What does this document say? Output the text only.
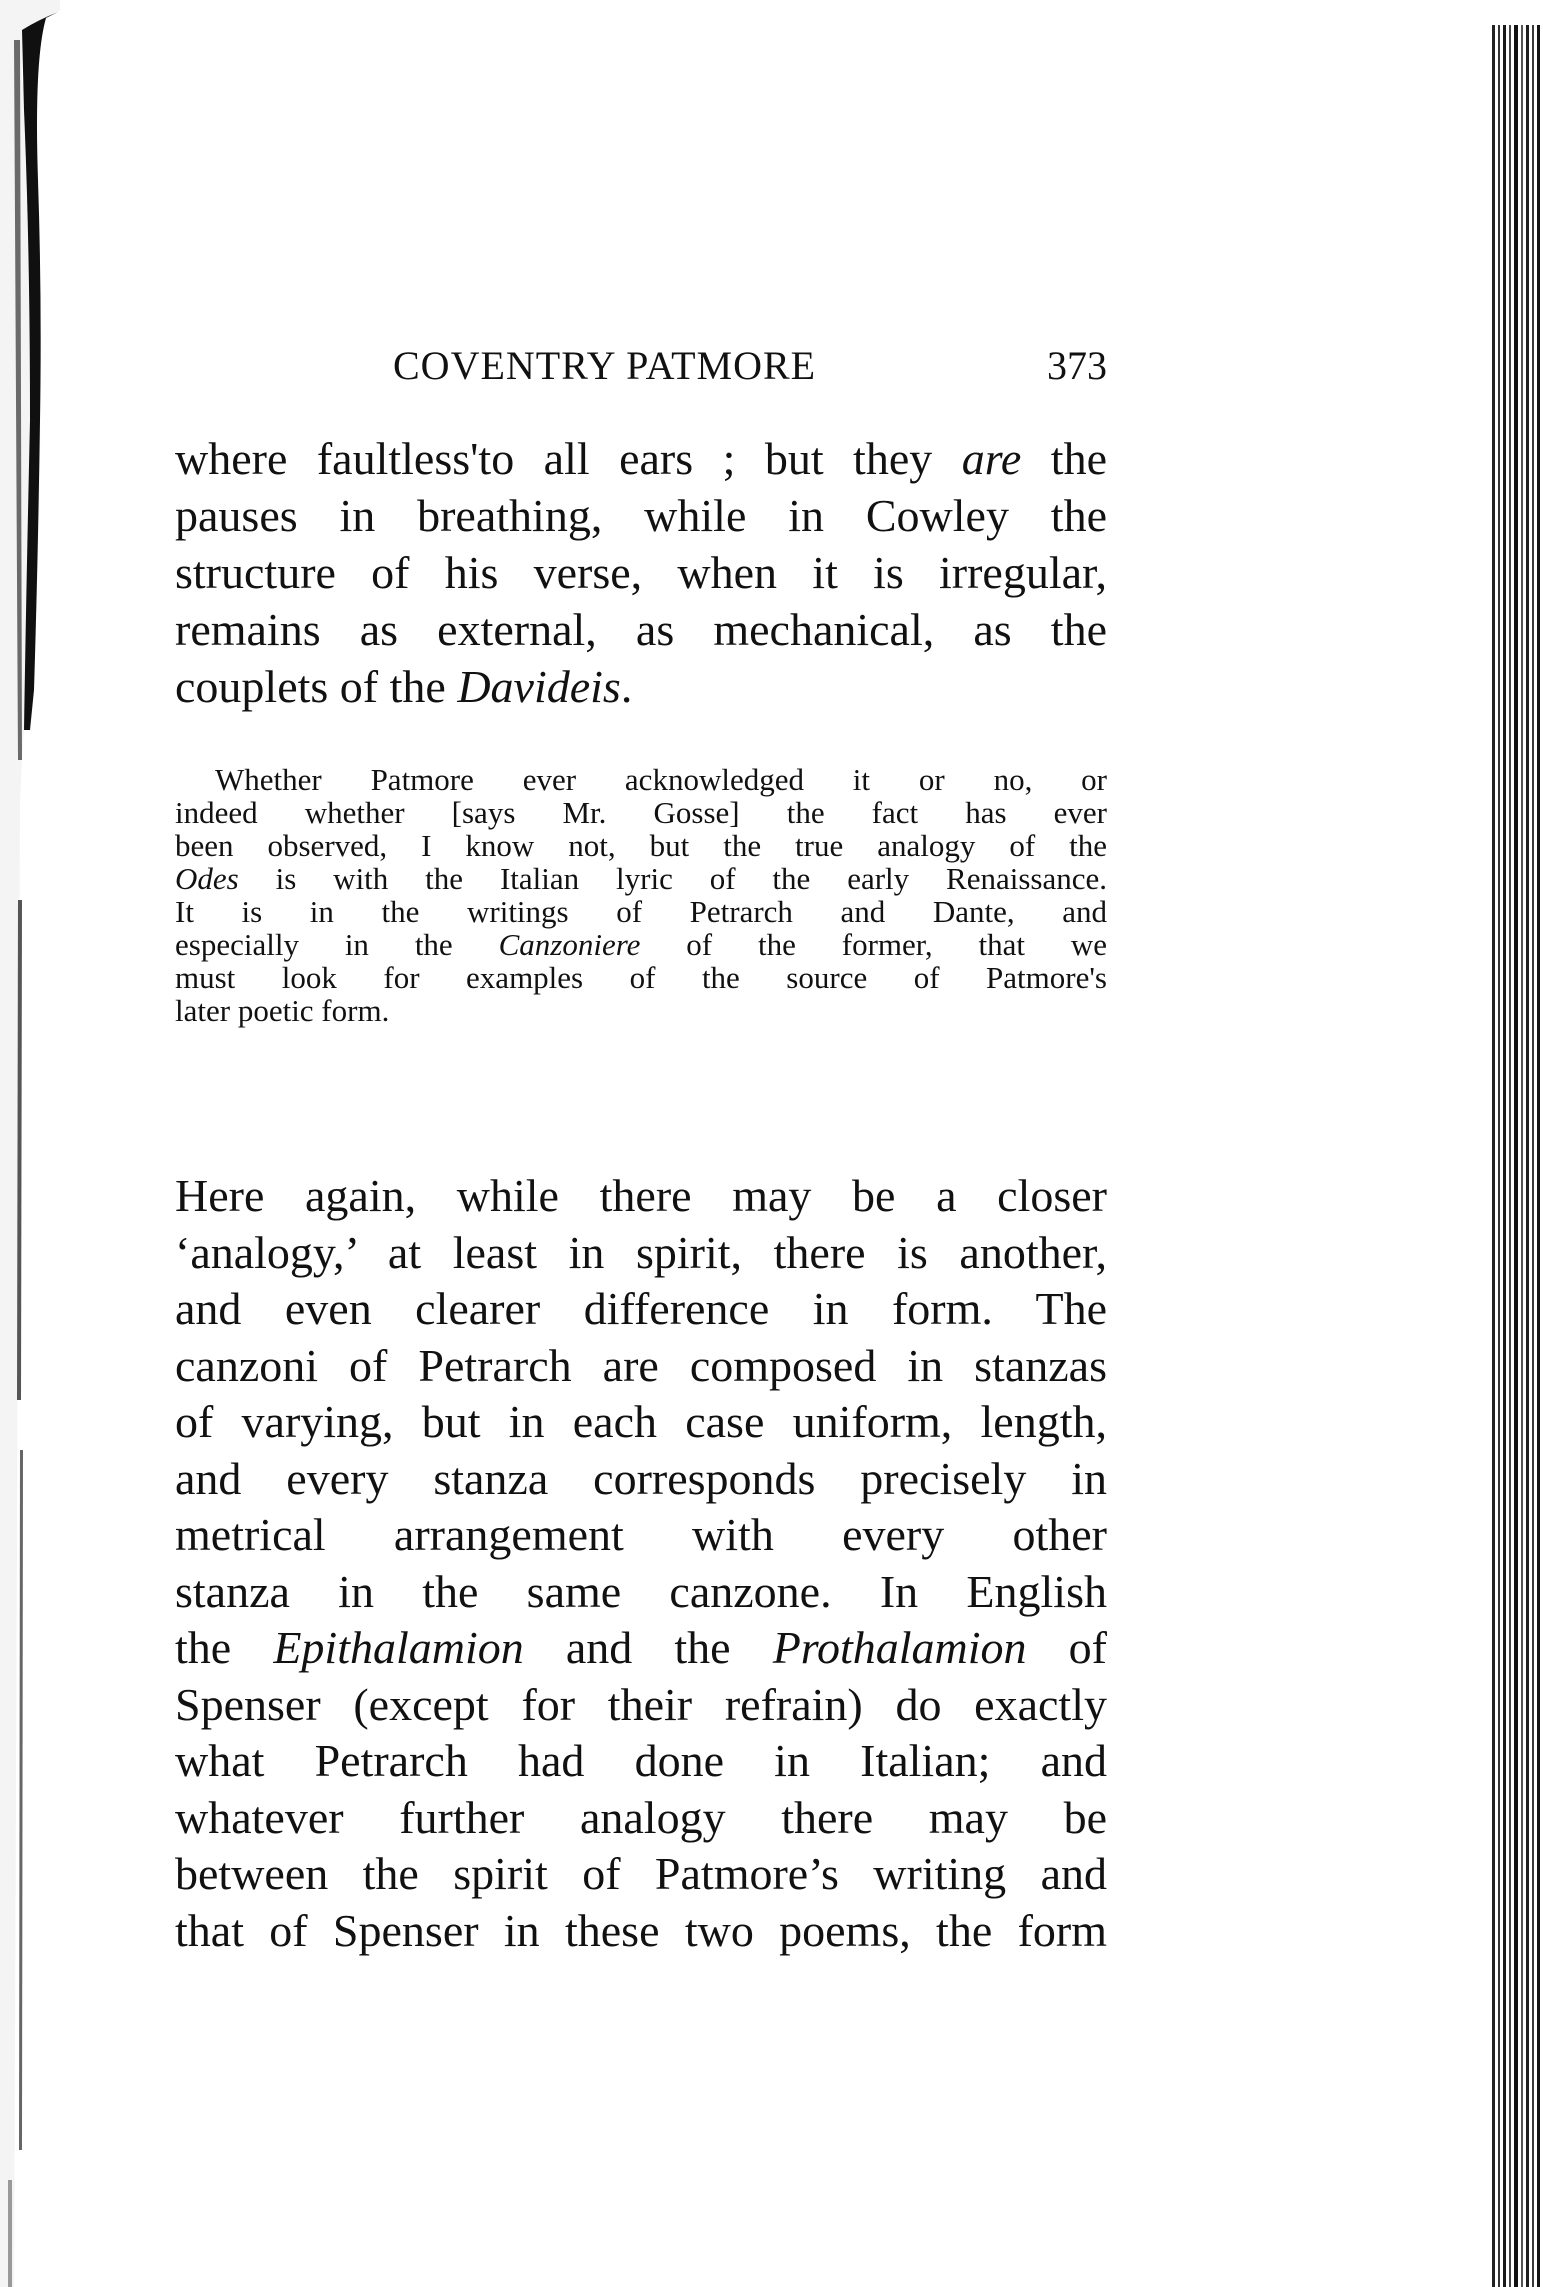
COVENTRY PATMORE	373
where faultless'to all ears ; but they are the
pauses in breathing, while in Cowley the
structure of his verse, when it is irregular,
remains as external, as mechanical, as the
couplets of the Davideis.
Whether Patmore ever acknowledged it or no, or
indeed whether [says Mr. Gosse] the fact has ever
been observed, I know not, but the true analogy of the
Odes is with the Italian lyric of the early Renaissance.
It is in the writings of Petrarch and Dante, and
especially in the Canzoniere of the former, that we
must look for examples of the source of Patmore's
later poetic form.
Here again, while there may be a closer
‘analogy,’ at least in spirit, there is another,
and even clearer difference in form. The
canzoni of Petrarch are composed in stanzas
of varying, but in each case uniform, length,
and every stanza corresponds precisely in
metrical arrangement with every other
stanza in the same canzone. In English
the Epithalamion and the Prothalamion of
Spenser (except for their refrain) do exactly
what Petrarch had done in Italian; and
whatever further analogy there may be
between the spirit of Patmore’s writing and
that of Spenser in these two poems, the form
